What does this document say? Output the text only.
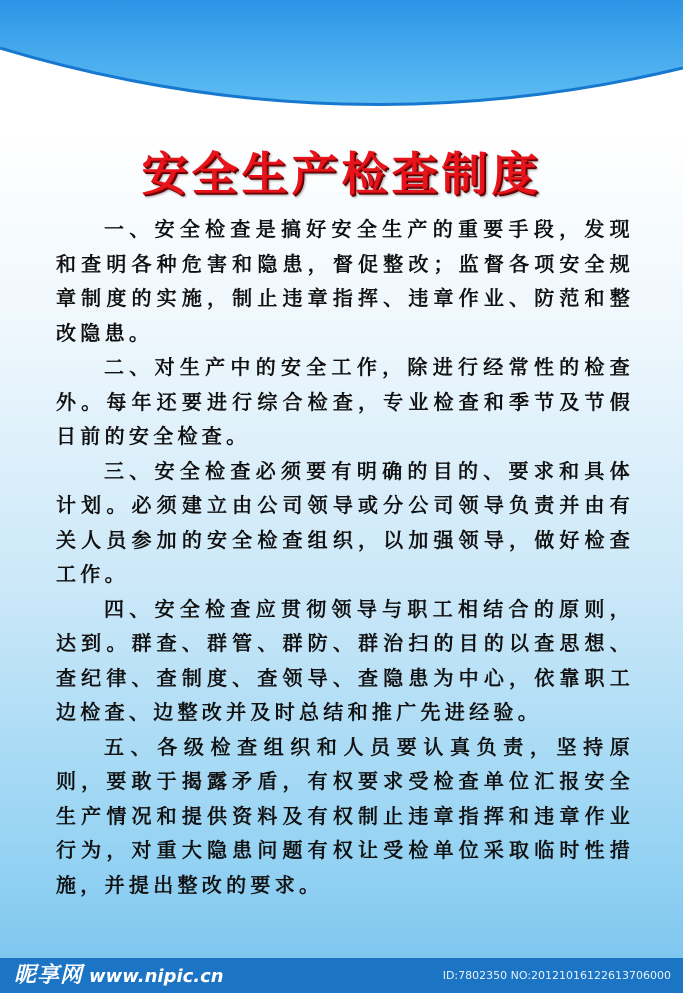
安全生产检查制度

一、安全检查是搞好安全生产的重要手段，发现和查明各种危害和隐患，督促整改；监督各项安全规章制度的实施，制止违章指挥、违章作业、防范和整改隐患。

二、对生产中的安全工作，除进行经常性的检查外。每年还要进行综合检查，专业检查和季节及节假日前的安全检查。

三、安全检查必须要有明确的目的、要求和具体计划。必须建立由公司领导或分公司领导负责并由有关人员参加的安全检查组织，以加强领导，做好检查工作。

四、安全检查应贯彻领导与职工相结合的原则，达到。群查、群管、群防、群治扫的目的以查思想、查纪律、查制度、查领导、查隐患为中心，依靠职工边检查、边整改并及时总结和推广先进经验。

五、各级检查组织和人员要认真负责，坚持原则，要敢于揭露矛盾，有权要求受检查单位汇报安全生产情况和提供资料及有权制止违章指挥和违章作业行为，对重大隐患问题有权让受检单位采取临时性措施，并提出整改的要求。

昵享网 www.nipic.cn	ID:7802350 NO:20121016122613706000
